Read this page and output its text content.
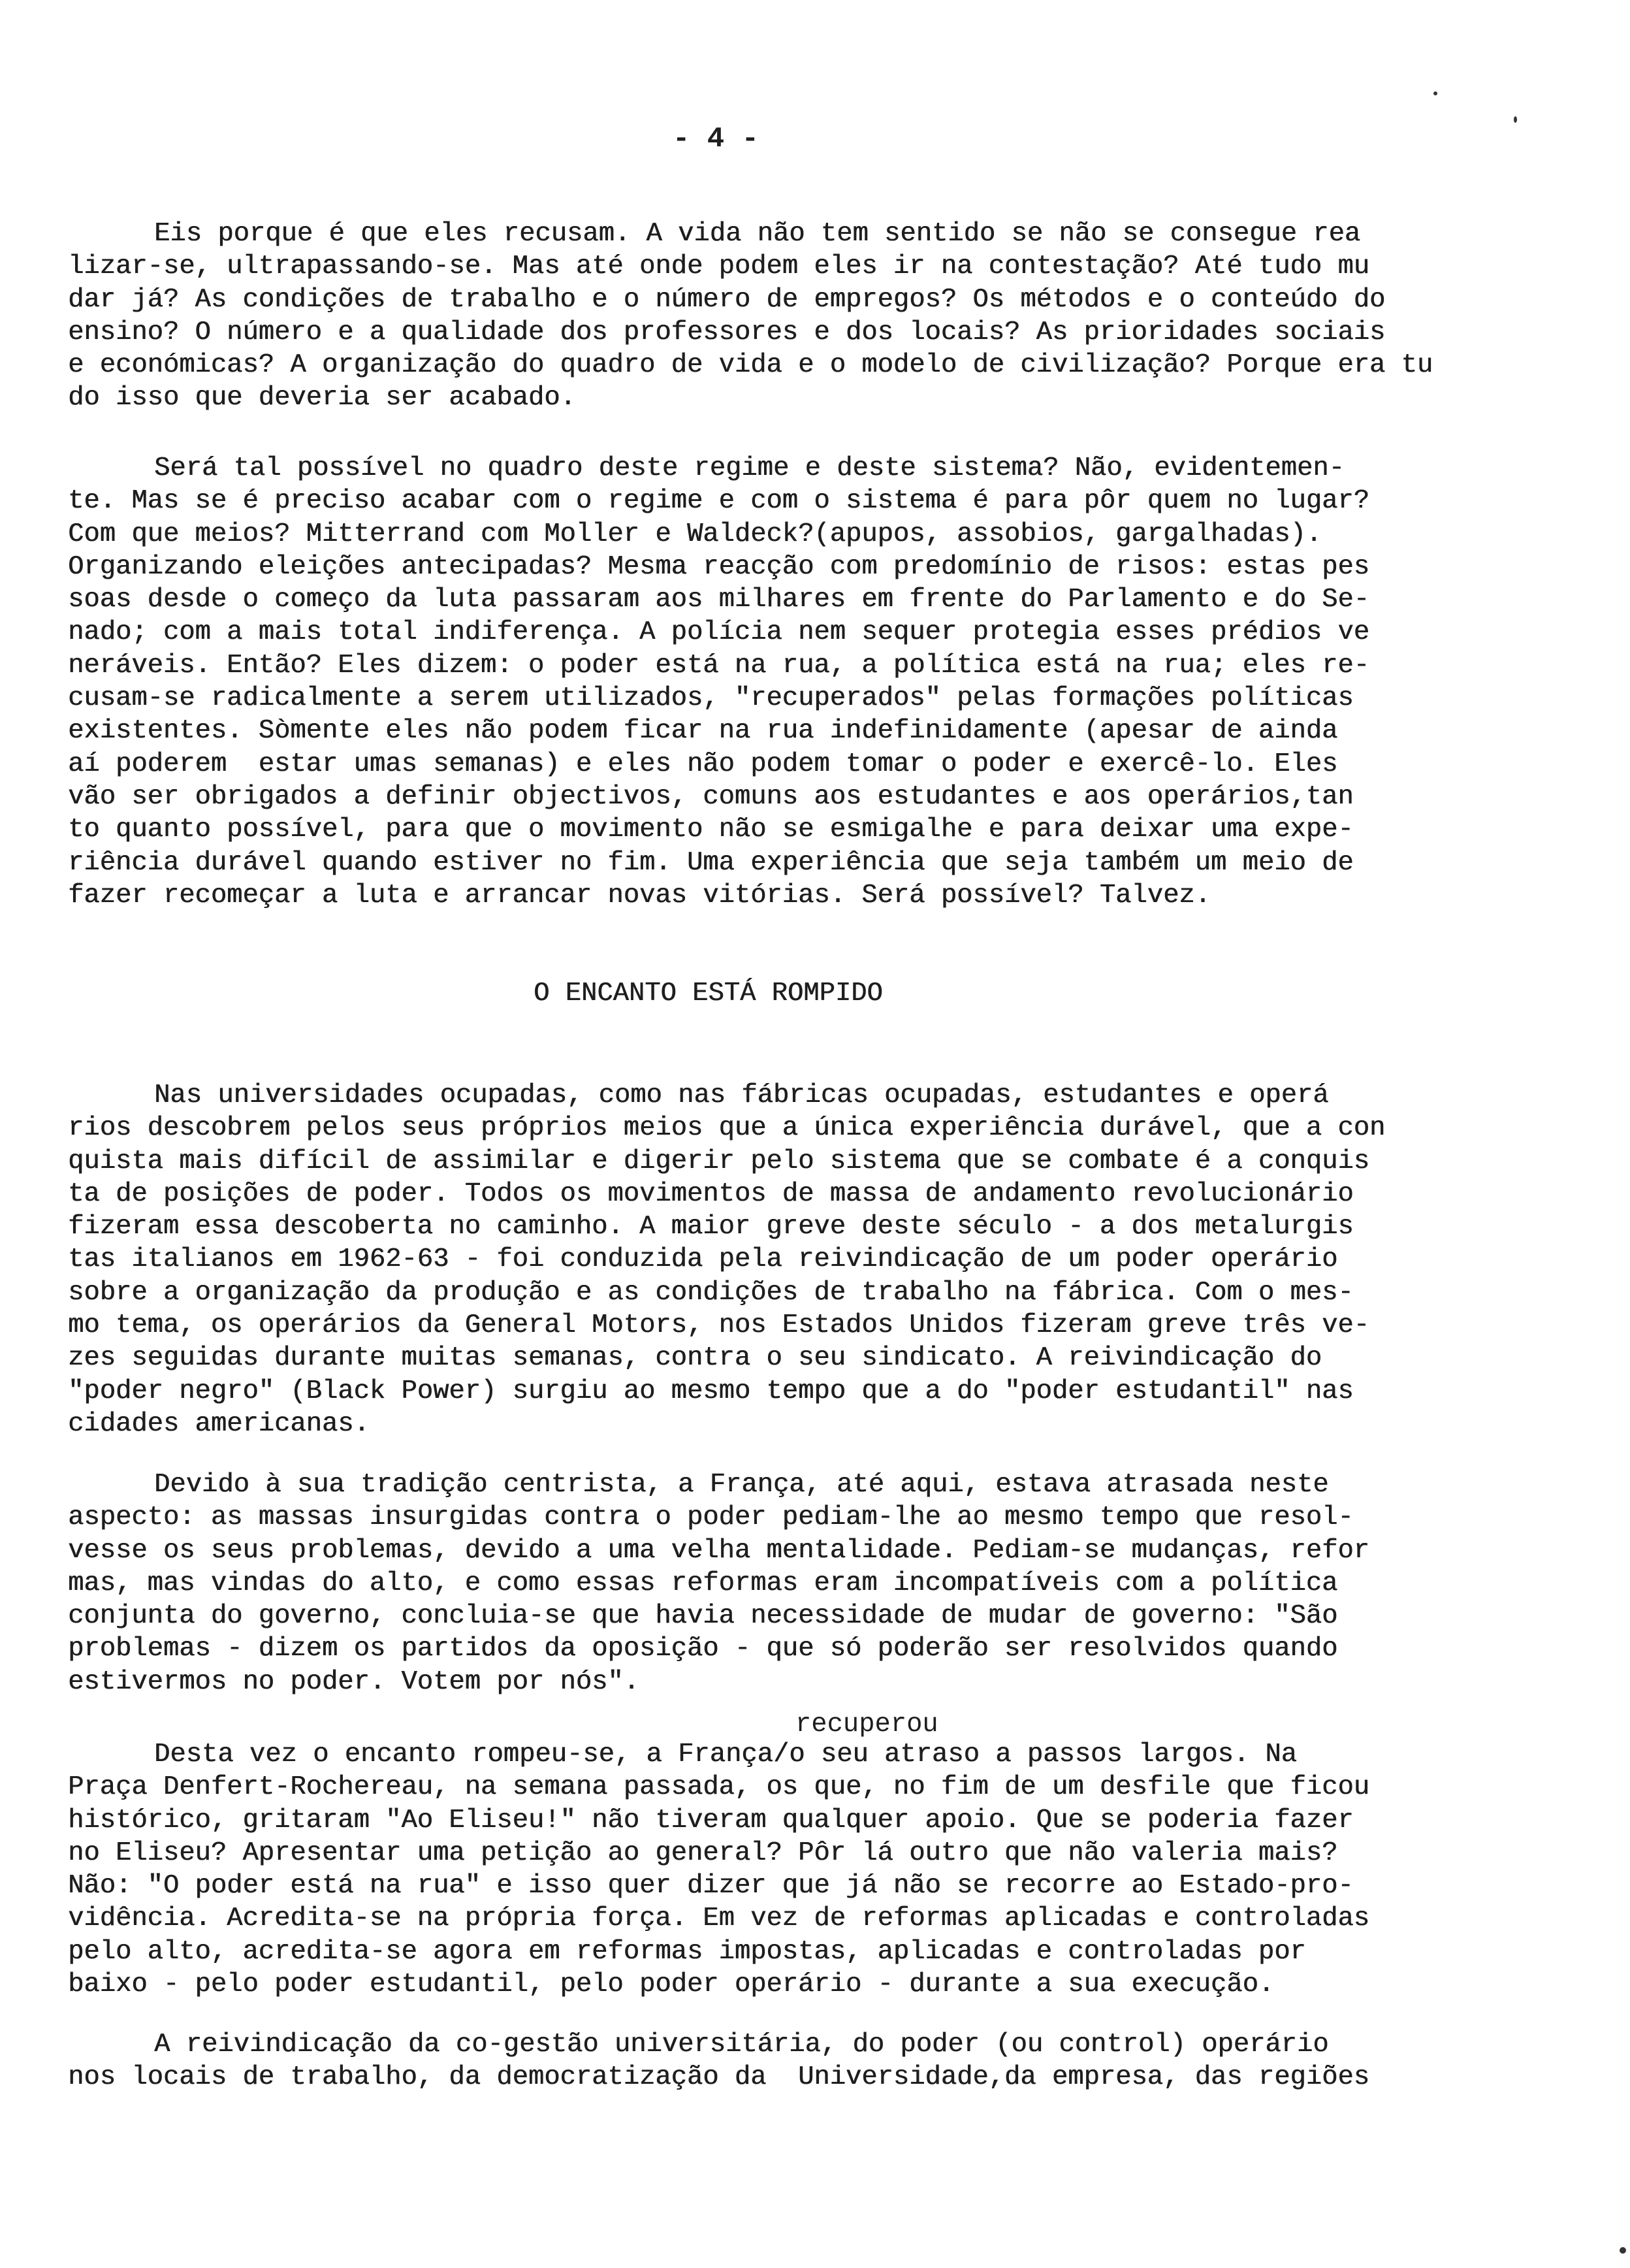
- 4 -
Eis porque é que eles recusam. A vida não tem sentido se não se consegue rea
lizar-se, ultrapassando-se. Mas até onde podem eles ir na contestação? Até tudo mu
dar já? As condições de trabalho e o número de empregos? Os métodos e o conteúdo do
ensino? O número e a qualidade dos professores e dos locais? As prioridades sociais
e económicas? A organização do quadro de vida e o modelo de civilização? Porque era tu
do isso que deveria ser acabado.
Será tal possível no quadro deste regime e deste sistema? Não, evidentemen-
te. Mas se é preciso acabar com o regime e com o sistema é para pôr quem no lugar?
Com que meios? Mitterrand com Moller e Waldeck?(apupos, assobios, gargalhadas).
Organizando eleições antecipadas? Mesma reacção com predomínio de risos: estas pes
soas desde o começo da luta passaram aos milhares em frente do Parlamento e do Se-
nado; com a mais total indiferença. A polícia nem sequer protegia esses prédios ve
neráveis. Então? Eles dizem: o poder está na rua, a política está na rua; eles re-
cusam-se radicalmente a serem utilizados, "recuperados" pelas formações políticas
existentes. Sòmente eles não podem ficar na rua indefinidamente (apesar de ainda
aí poderem  estar umas semanas) e eles não podem tomar o poder e exercê-lo. Eles
vão ser obrigados a definir objectivos, comuns aos estudantes e aos operários,tan
to quanto possível, para que o movimento não se esmigalhe e para deixar uma expe-
riência durável quando estiver no fim. Uma experiência que seja também um meio de
fazer recomeçar a luta e arrancar novas vitórias. Será possível? Talvez.
O ENCANTO ESTÁ ROMPIDO
Nas universidades ocupadas, como nas fábricas ocupadas, estudantes e operá
rios descobrem pelos seus próprios meios que a única experiência durável, que a con
quista mais difícil de assimilar e digerir pelo sistema que se combate é a conquis
ta de posições de poder. Todos os movimentos de massa de andamento revolucionário
fizeram essa descoberta no caminho. A maior greve deste século - a dos metalurgis
tas italianos em 1962-63 - foi conduzida pela reivindicação de um poder operário
sobre a organização da produção e as condições de trabalho na fábrica. Com o mes-
mo tema, os operários da General Motors, nos Estados Unidos fizeram greve três ve-
zes seguidas durante muitas semanas, contra o seu sindicato. A reivindicação do
"poder negro" (Black Power) surgiu ao mesmo tempo que a do "poder estudantil" nas
cidades americanas.
Devido à sua tradição centrista, a França, até aqui, estava atrasada neste
aspecto: as massas insurgidas contra o poder pediam-lhe ao mesmo tempo que resol-
vesse os seus problemas, devido a uma velha mentalidade. Pediam-se mudanças, refor
mas, mas vindas do alto, e como essas reformas eram incompatíveis com a política
conjunta do governo, concluia-se que havia necessidade de mudar de governo: "São
problemas - dizem os partidos da oposição - que só poderão ser resolvidos quando
estivermos no poder. Votem por nós".
recuperou
Desta vez o encanto rompeu-se, a França/o seu atraso a passos largos. Na
Praça Denfert-Rochereau, na semana passada, os que, no fim de um desfile que ficou
histórico, gritaram "Ao Eliseu!" não tiveram qualquer apoio. Que se poderia fazer
no Eliseu? Apresentar uma petição ao general? Pôr lá outro que não valeria mais?
Não: "O poder está na rua" e isso quer dizer que já não se recorre ao Estado-pro-
vidência. Acredita-se na própria força. Em vez de reformas aplicadas e controladas
pelo alto, acredita-se agora em reformas impostas, aplicadas e controladas por
baixo - pelo poder estudantil, pelo poder operário - durante a sua execução.
A reivindicação da co-gestão universitária, do poder (ou control) operário
nos locais de trabalho, da democratização da  Universidade,da empresa, das regiões
